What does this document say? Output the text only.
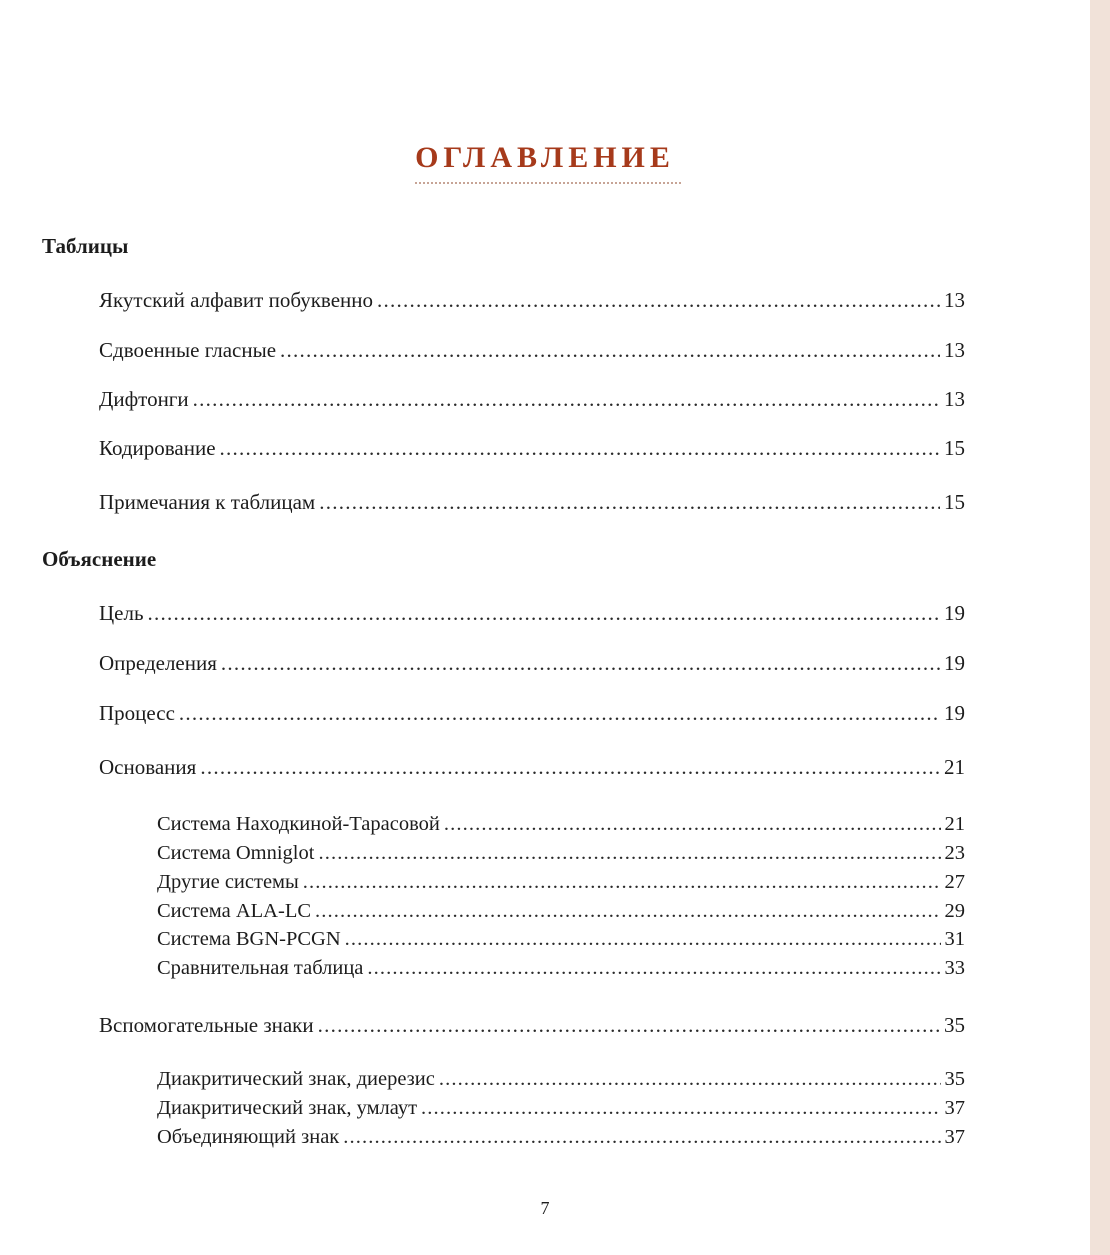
ОГЛАВЛЕНИЕ
Таблицы
Якутский алфавит побуквенно . . .	13
Сдвоенные гласные . . .	13
Дифтонги . . .	13
Кодирование . . .	15
Примечания к таблицам . . .	15
Объяснение
Цель . . .	19
Определения . . .	19
Процесс . . .	19
Основания . . .	21
Система Находкиной-Тарасовой . . .	21
Система Omniglot . . .	23
Другие системы . . .	27
Система ALA-LC . . .	29
Система BGN-PCGN . . .	31
Сравнительная таблица . . .	33
Вспомогательные знаки . . .	35
Диакритический знак, диерезис . . .	35
Диакритический знак, умлаут . . .	37
Объединяющий знак . . .	37
7
